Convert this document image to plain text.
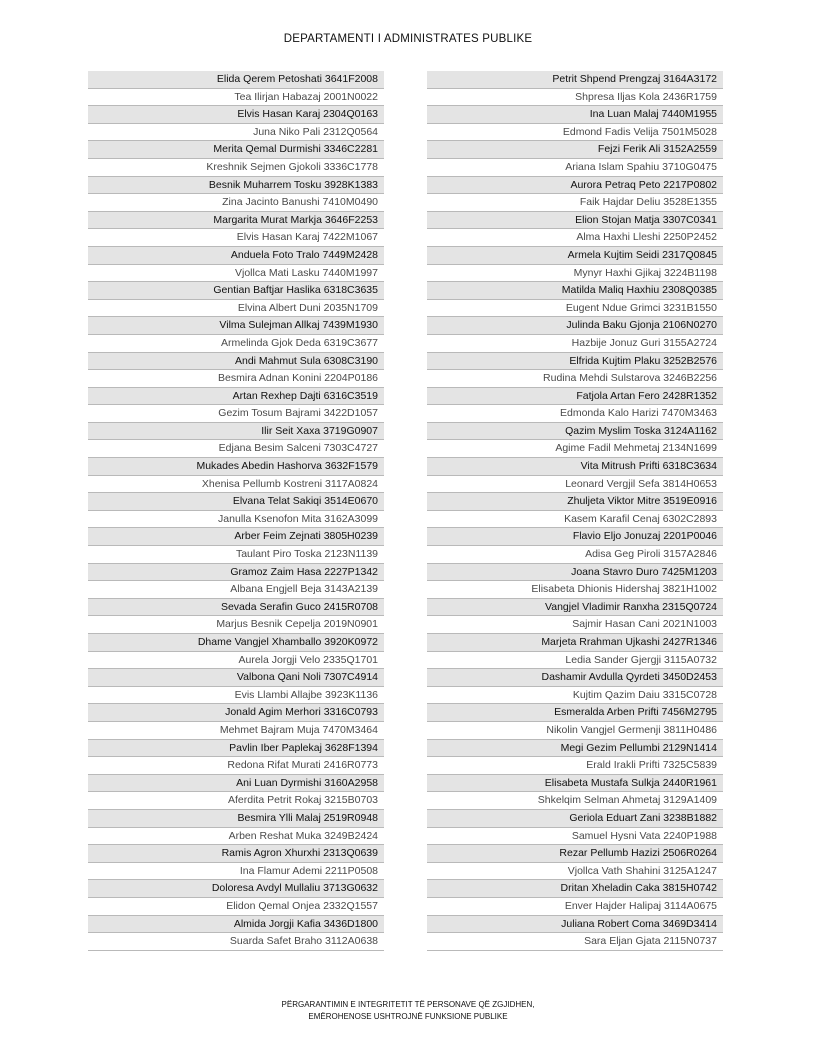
DEPARTAMENTI I ADMINISTRATES PUBLIKE
Elida Qerem Petoshati 3641F2008
Tea Ilirjan Habazaj 2001N0022
Elvis Hasan Karaj 2304Q0163
Juna Niko Pali 2312Q0564
Merita Qemal Durmishi 3346C2281
Kreshnik Sejmen Gjokoli 3336C1778
Besnik Muharrem Tosku 3928K1383
Zina Jacinto Banushi 7410M0490
Margarita Murat Markja 3646F2253
Elvis Hasan Karaj 7422M1067
Anduela Foto Tralo 7449M2428
Vjollca Mati Lasku 7440M1997
Gentian Baftjar Haslika 6318C3635
Elvina Albert Duni 2035N1709
Vilma Sulejman Allkaj 7439M1930
Armelinda Gjok Deda 6319C3677
Andi Mahmut Sula 6308C3190
Besmira Adnan Konini 2204P0186
Artan Rexhep Dajti 6316C3519
Gezim Tosum Bajrami 3422D1057
Ilir Seit Xaxa 3719G0907
Edjana Besim Salceni 7303C4727
Mukades Abedin Hashorva 3632F1579
Xhenisa Pellumb Kostreni 3117A0824
Elvana Telat Sakiqi 3514E0670
Janulla Ksenofon Mita 3162A3099
Arber Feim Zejnati 3805H0239
Taulant Piro Toska 2123N1139
Gramoz Zaim Hasa 2227P1342
Albana Engjell Beja 3143A2139
Sevada Serafin Guco 2415R0708
Marjus Besnik Cepelja 2019N0901
Dhame Vangjel Xhamballo 3920K0972
Aurela Jorgji Velo 2335Q1701
Valbona Qani Noli 7307C4914
Evis Llambi Allajbe 3923K1136
Jonald Agim Merhori 3316C0793
Mehmet Bajram Muja 7470M3464
Pavlin Iber Paplekaj 3628F1394
Redona Rifat Murati 2416R0773
Ani Luan Dyrmishi 3160A2958
Aferdita Petrit Rokaj 3215B0703
Besmira Ylli Malaj 2519R0948
Arben Reshat Muka 3249B2424
Ramis Agron Xhurxhi 2313Q0639
Ina Flamur Ademi 2211P0508
Doloresa Avdyl Mullaliu 3713G0632
Elidon Qemal Onjea 2332Q1557
Almida Jorgji Kafia 3436D1800
Suarda Safet Braho 3112A0638
Petrit Shpend Prengzaj 3164A3172
Shpresa Iljas Kola 2436R1759
Ina Luan Malaj 7440M1955
Edmond Fadis Velija 7501M5028
Fejzi Ferik Ali 3152A2559
Ariana Islam Spahiu 3710G0475
Aurora Petraq Peto 2217P0802
Faik Hajdar Deliu 3528E1355
Elion Stojan Matja 3307C0341
Alma Haxhi Lleshi 2250P2452
Armela Kujtim Seidi 2317Q0845
Mynyr Haxhi Gjikaj 3224B1198
Matilda Maliq Haxhiu 2308Q0385
Eugent Ndue Grimci 3231B1550
Julinda Baku Gjonja 2106N0270
Hazbije Jonuz Guri 3155A2724
Elfrida Kujtim Plaku 3252B2576
Rudina Mehdi Sulstarova 3246B2256
Fatjola Artan Fero 2428R1352
Edmonda Kalo Harizi 7470M3463
Qazim Myslim Toska 3124A1162
Agime Fadil Mehmetaj 2134N1699
Vita Mitrush Prifti 6318C3634
Leonard Vergjil Sefa 3814H0653
Zhuljeta Viktor Mitre 3519E0916
Kasem Karafil Cenaj 6302C2893
Flavio Eljo Jonuzaj 2201P0046
Adisa Geg Piroli 3157A2846
Joana Stavro Duro 7425M1203
Elisabeta Dhionis Hidershaj 3821H1002
Vangjel Vladimir Ranxha 2315Q0724
Sajmir Hasan Cani 2021N1003
Marjeta Rrahman Ujkashi 2427R1346
Ledia Sander Gjergji 3115A0732
Dashamir Avdulla Qyrdeti 3450D2453
Kujtim Qazim Daiu 3315C0728
Esmeralda Arben Prifti 7456M2795
Nikolin Vangjel Germenji 3811H0486
Megi Gezim Pellumbi 2129N1414
Erald Irakli Prifti 7325C5839
Elisabeta Mustafa Sulkja 2440R1961
Shkelqim Selman Ahmetaj 3129A1409
Geriola Eduart Zani 3238B1882
Samuel Hysni Vata 2240P1988
Rezar Pellumb Hazizi 2506R0264
Vjollca Vath Shahini 3125A1247
Dritan Xheladin Caka 3815H0742
Enver Hajder Halipaj 3114A0675
Juliana Robert Coma 3469D3414
Sara Eljan Gjata 2115N0737
PËRGARANTIMIN E INTEGRITETIT TË PERSONAVE QË ZGJIDHEN,
EMËROHENOSE USHTROJNË FUNKSIONE PUBLIKE
